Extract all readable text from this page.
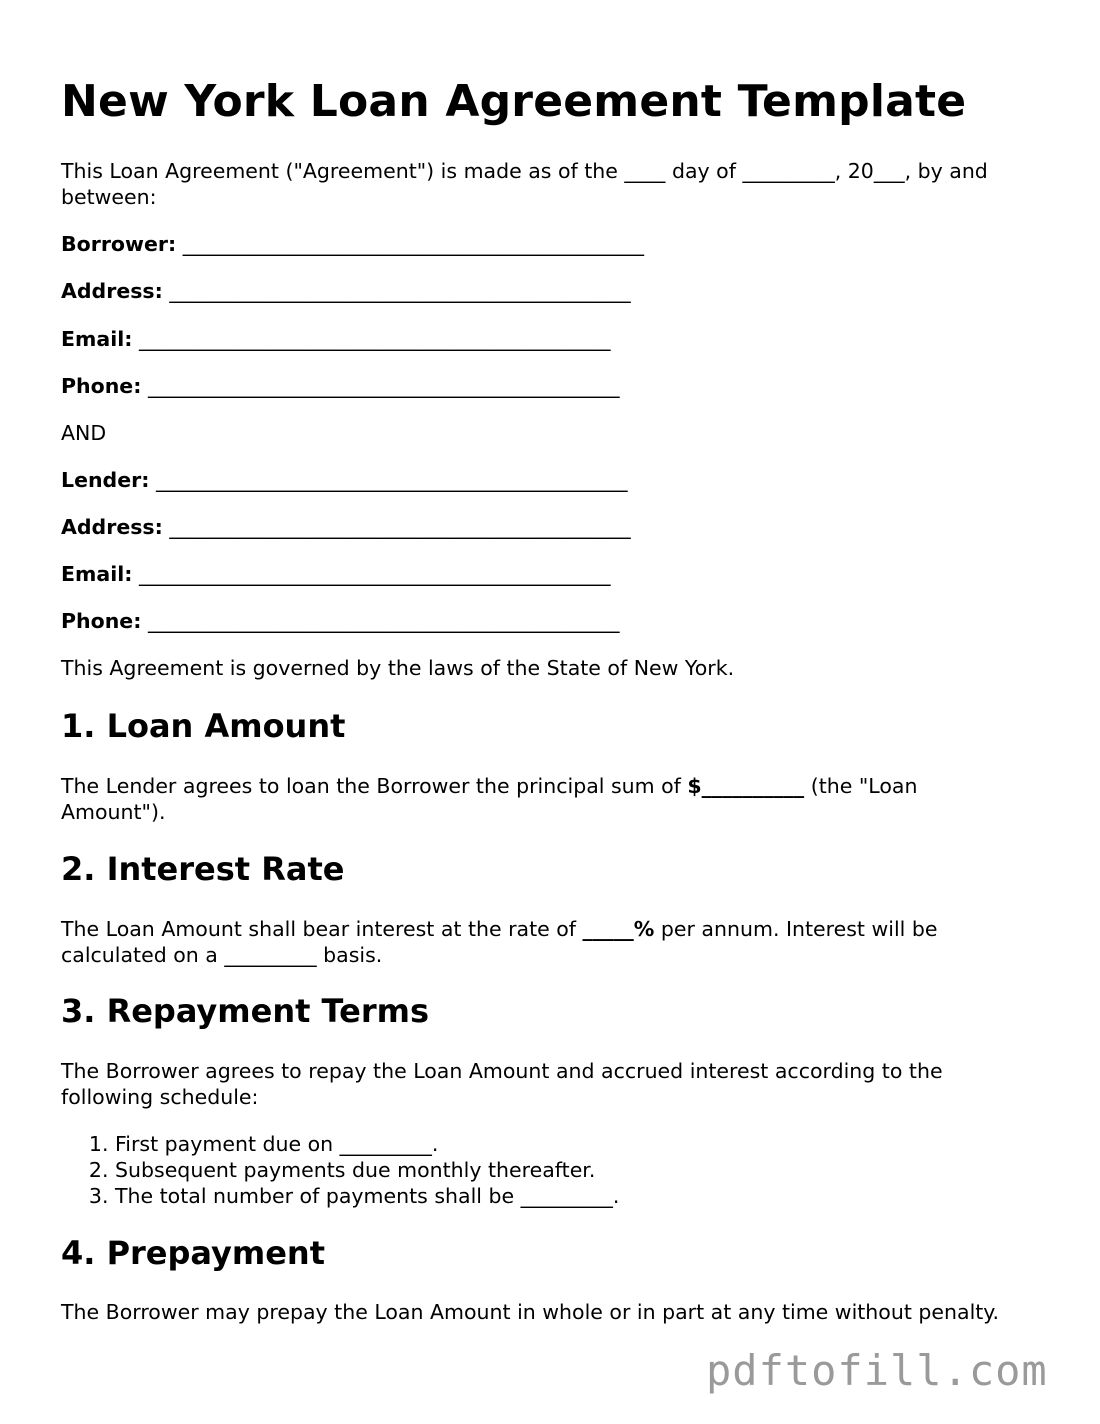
New York Loan Agreement Template

This Loan Agreement ("Agreement") is made as of the ____ day of _________, 20___, by and between:

Borrower: _____________________________________________

Address: _____________________________________________

Email: ______________________________________________

Phone: ______________________________________________

AND

Lender: ______________________________________________

Address: _____________________________________________

Email: ______________________________________________

Phone: ______________________________________________

This Agreement is governed by the laws of the State of New York.

1. Loan Amount

The Lender agrees to loan the Borrower the principal sum of $__________ (the "Loan Amount").

2. Interest Rate

The Loan Amount shall bear interest at the rate of _____% per annum. Interest will be calculated on a _________ basis.

3. Repayment Terms

The Borrower agrees to repay the Loan Amount and accrued interest according to the following schedule:

1. First payment due on _________.
2. Subsequent payments due monthly thereafter.
3. The total number of payments shall be _________.
4. Prepayment

The Borrower may prepay the Loan Amount in whole or in part at any time without penalty.

pdftofill.com
